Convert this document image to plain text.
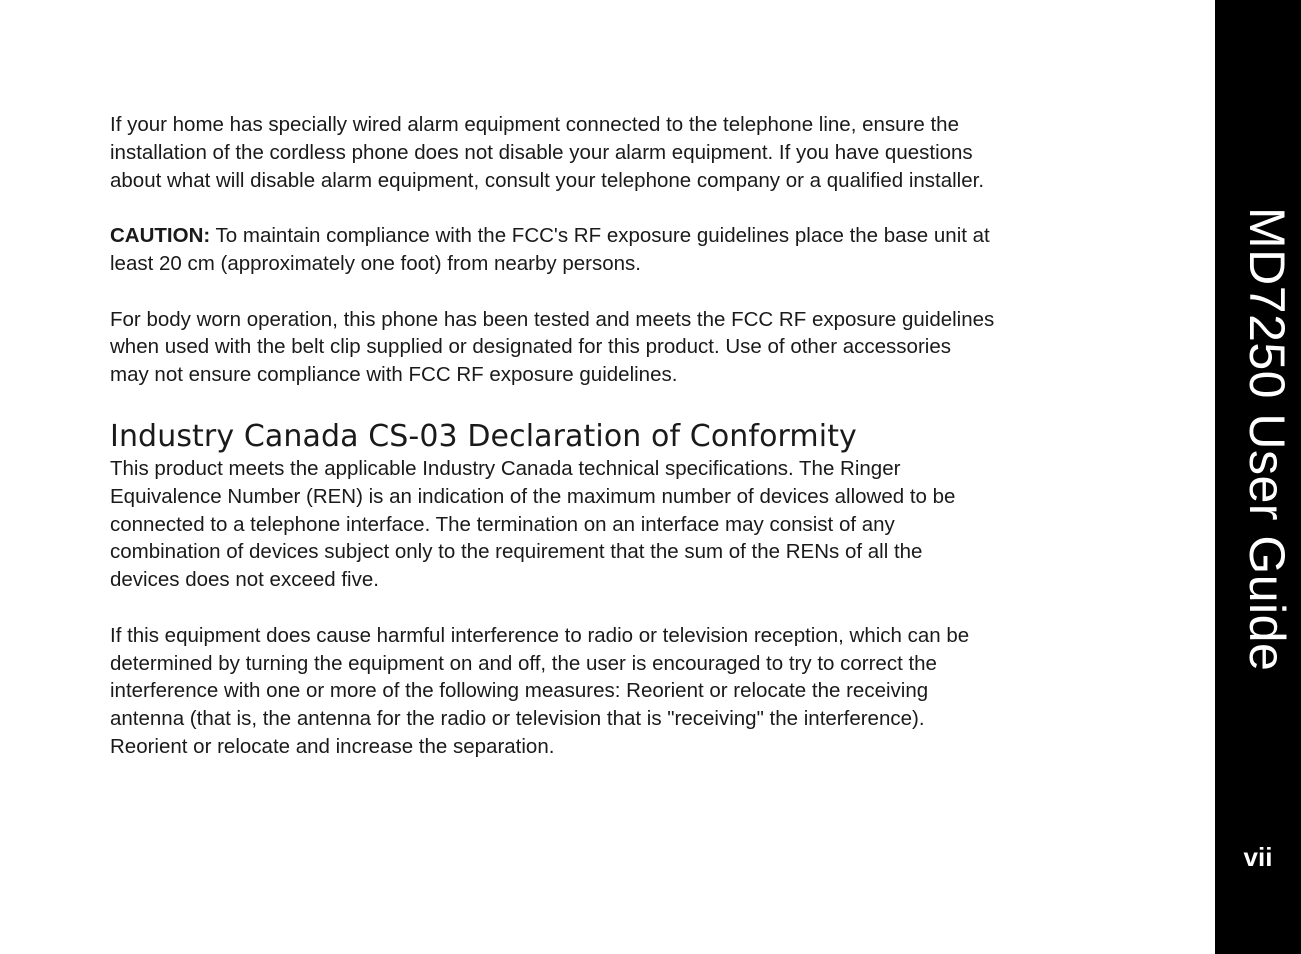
If your home has specially wired alarm equipment connected to the telephone line, ensure the
installation of the cordless phone does not disable your alarm equipment. If you have questions
about what will disable alarm equipment, consult your telephone company or a qualified installer.

CAUTION: To maintain compliance with the FCC's RF exposure guidelines place the base unit at
least 20 cm (approximately one foot) from nearby persons.

For body worn operation, this phone has been tested and meets the FCC RF exposure guidelines
when used with the belt clip supplied or designated for this product. Use of other accessories
may not ensure compliance with FCC RF exposure guidelines.

Industry Canada CS-03 Declaration of Conformity

This product meets the applicable Industry Canada technical specifications. The Ringer
Equivalence Number (REN) is an indication of the maximum number of devices allowed to be
connected to a telephone interface. The termination on an interface may consist of any
combination of devices subject only to the requirement that the sum of the RENs of all the
devices does not exceed five.

If this equipment does cause harmful interference to radio or television reception, which can be
determined by turning the equipment on and off, the user is encouraged to try to correct the
interference with one or more of the following measures: Reorient or relocate the receiving
antenna (that is, the antenna for the radio or television that is "receiving" the interference).
Reorient or relocate and increase the separation.

MD7250 User Guide
vii
